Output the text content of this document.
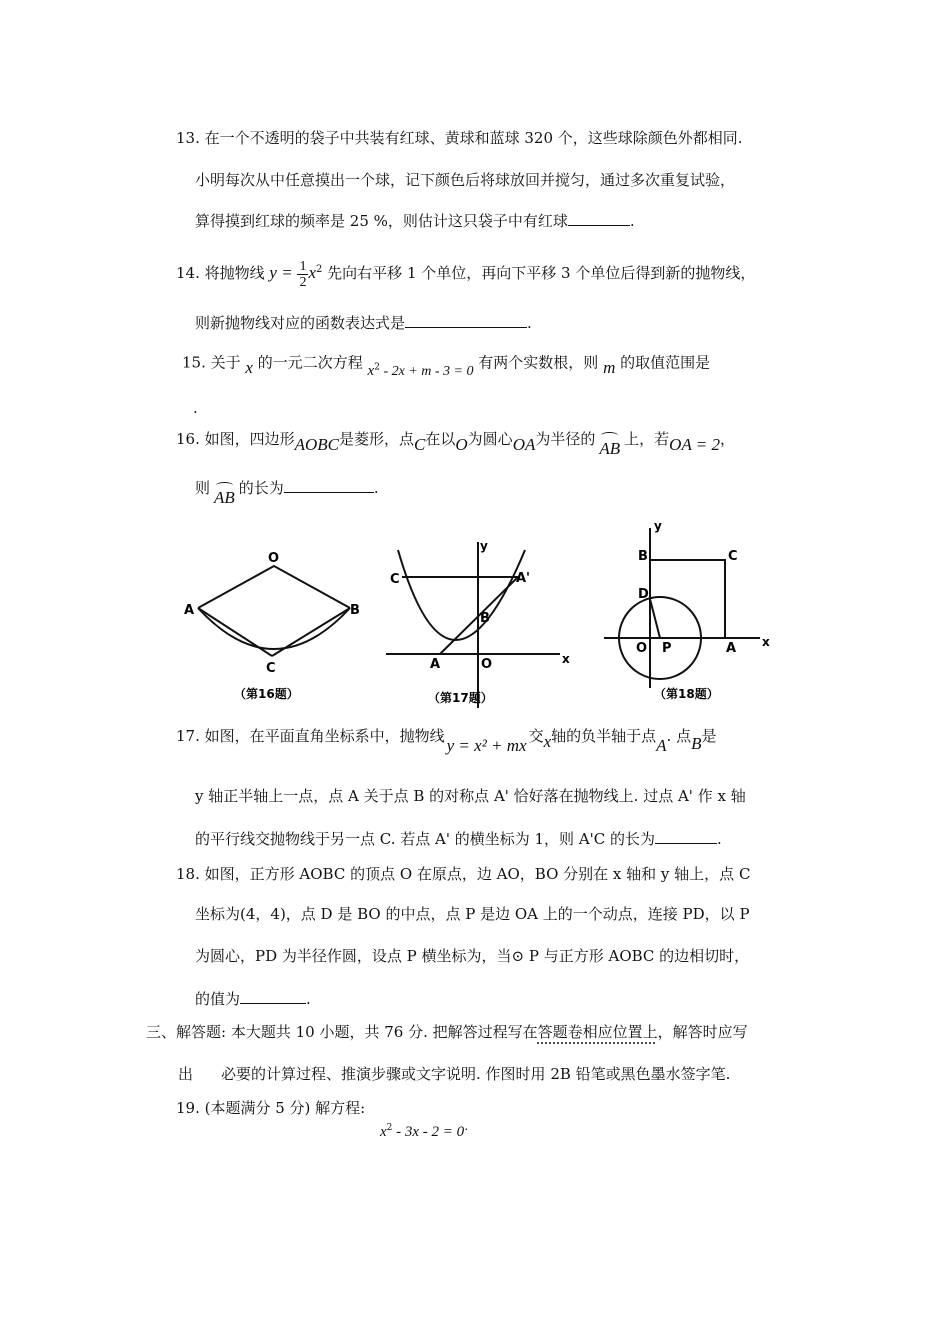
13. 在一个不透明的袋子中共装有红球、黄球和蓝球 320 个，这些球除颜色外都相同.
小明每次从中任意摸出一个球，记下颜色后将球放回并搅匀，通过多次重复试验，
算得摸到红球的频率是 25 %，则估计这只袋子中有红球	.
14. 将抛物线 $y = \frac{1}{2} x^2$ 先向右平移 1 个单位，再向下平移 3 个单位后得到新的抛物线，
则新抛物线对应的函数表达式是	.
15. 关于 x 的一元二次方程 $x^2 - 2x + m - 3 = 0$ 有两个实数根，则 m 的取值范围是
.
16. 如图，四边形AOBC是菱形，点C在以O为圆心OA为半径的 AB 上，若OA = 2，
则 AB 的长为	.
O
A	B
C
（第16题）
y
C	A'
B
A	O	x
（第17题）
y
B	C
D
O P	A x
（第18题）
17. 如图，在平面直角坐标系中，抛物线 y = x² + mx 交x轴的负半轴于点A. 点B是
y 轴正半轴上一点，点 A 关于点 B 的对称点 A' 恰好落在抛物线上. 过点 A' 作 x 轴
的平行线交抛物线于另一点 C. 若点 A' 的横坐标为 1，则 A'C 的长为	.
18. 如图，正方形 AOBC 的顶点 O 在原点，边 AO，BO 分别在 x 轴和 y 轴上，点 C
坐标为(4，4)，点 D 是 BO 的中点，点 P 是边 OA 上的一个动点，连接 PD，以 P
为圆心，PD 为半径作圆，设点 P 横坐标为，当⊙ P 与正方形 AOBC 的边相切时，
的值为	.
三、解答题: 本大题共 10 小题，共 76 分. 把解答过程写在答题卷相应位置上，解答时应写
出 必要的计算过程、推演步骤或文字说明. 作图时用 2B 铅笔或黑色墨水签字笔.
19. (本题满分 5 分) 解方程:
$x^2 - 3x - 2 = 0^.$
